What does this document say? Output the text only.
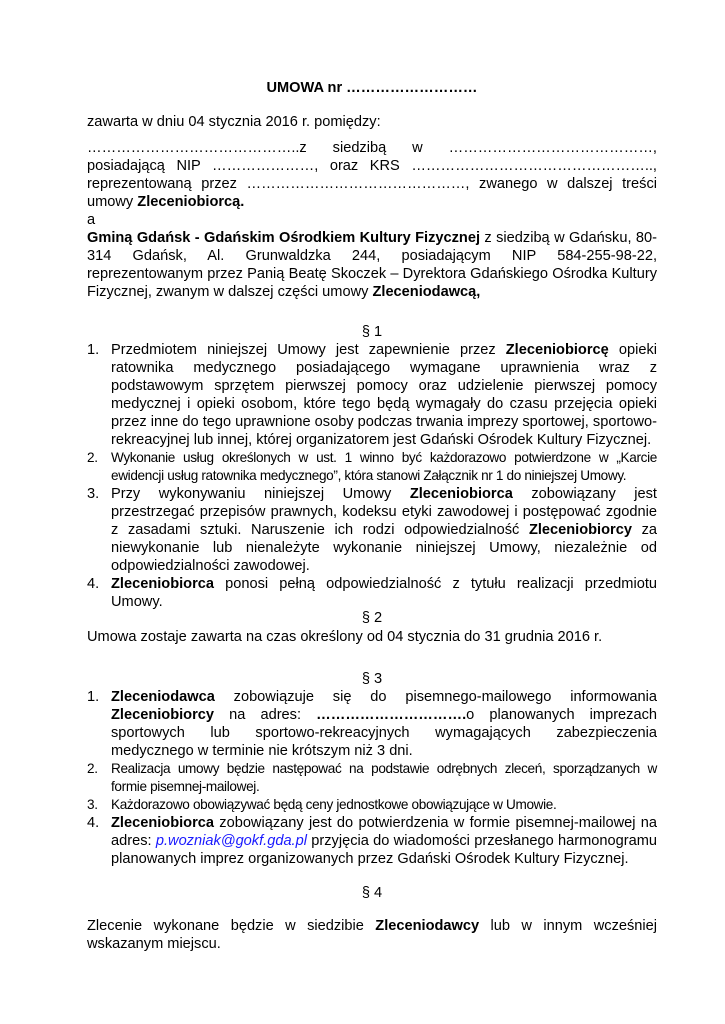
UMOWA nr ………………………
zawarta w dniu 04 stycznia 2016 r. pomiędzy:
……………………………………..z siedzibą w ……………………………………, posiadającą NIP …………………, oraz KRS ………………………………………….., reprezentowaną przez ………………………………………, zwanego w dalszej treści umowy Zleceniobiorcą.
a
Gminą Gdańsk - Gdańskim Ośrodkiem Kultury Fizycznej z siedzibą w Gdańsku, 80-314 Gdańsk, Al. Grunwaldzka 244, posiadającym NIP 584-255-98-22, reprezentowanym przez Panią Beatę Skoczek – Dyrektora Gdańskiego Ośrodka Kultury Fizycznej, zwanym w dalszej części umowy Zleceniodawcą,
§ 1
1. Przedmiotem niniejszej Umowy jest zapewnienie przez Zleceniobiorcę opieki ratownika medycznego posiadającego wymagane uprawnienia wraz z podstawowym sprzętem pierwszej pomocy oraz udzielenie pierwszej pomocy medycznej i opieki osobom, które tego będą wymagały do czasu przejęcia opieki przez inne do tego uprawnione osoby podczas trwania imprezy sportowej, sportowo-rekreacyjnej lub innej, której organizatorem jest Gdański Ośrodek Kultury Fizycznej.
2. Wykonanie usług określonych w ust. 1 winno być każdorazowo potwierdzone w „Karcie ewidencji usług ratownika medycznego”, która stanowi Załącznik nr 1 do niniejszej Umowy.
3. Przy wykonywaniu niniejszej Umowy Zleceniobiorca zobowiązany jest przestrzegać przepisów prawnych, kodeksu etyki zawodowej i postępować zgodnie z zasadami sztuki. Naruszenie ich rodzi odpowiedzialność Zleceniobiorcy za niewykonanie lub nienależyte wykonanie niniejszej Umowy, niezależnie od odpowiedzialności zawodowej.
4. Zleceniobiorca ponosi pełną odpowiedzialność z tytułu realizacji przedmiotu Umowy.
§ 2
Umowa zostaje zawarta na czas określony od 04 stycznia do 31 grudnia 2016 r.
§ 3
1. Zleceniodawca zobowiązuje się do pisemnego-mailowego informowania Zleceniobiorcy na adres: ………………………….o planowanych imprezach sportowych lub sportowo-rekreacyjnych wymagających zabezpieczenia medycznego w terminie nie krótszym niż 3 dni.
2. Realizacja umowy będzie następować na podstawie odrębnych zleceń, sporządzanych w formie pisemnej-mailowej.
3. Każdorazowo obowiązywać będą ceny jednostkowe obowiązujące w Umowie.
4. Zleceniobiorca zobowiązany jest do potwierdzenia w formie pisemnej-mailowej na adres: p.wozniak@gokf.gda.pl przyjęcia do wiadomości przesłanego harmonogramu planowanych imprez organizowanych przez Gdański Ośrodek Kultury Fizycznej.
§ 4
Zlecenie wykonane będzie w siedzibie Zleceniodawcy lub w innym wcześniej wskazanym miejscu.
